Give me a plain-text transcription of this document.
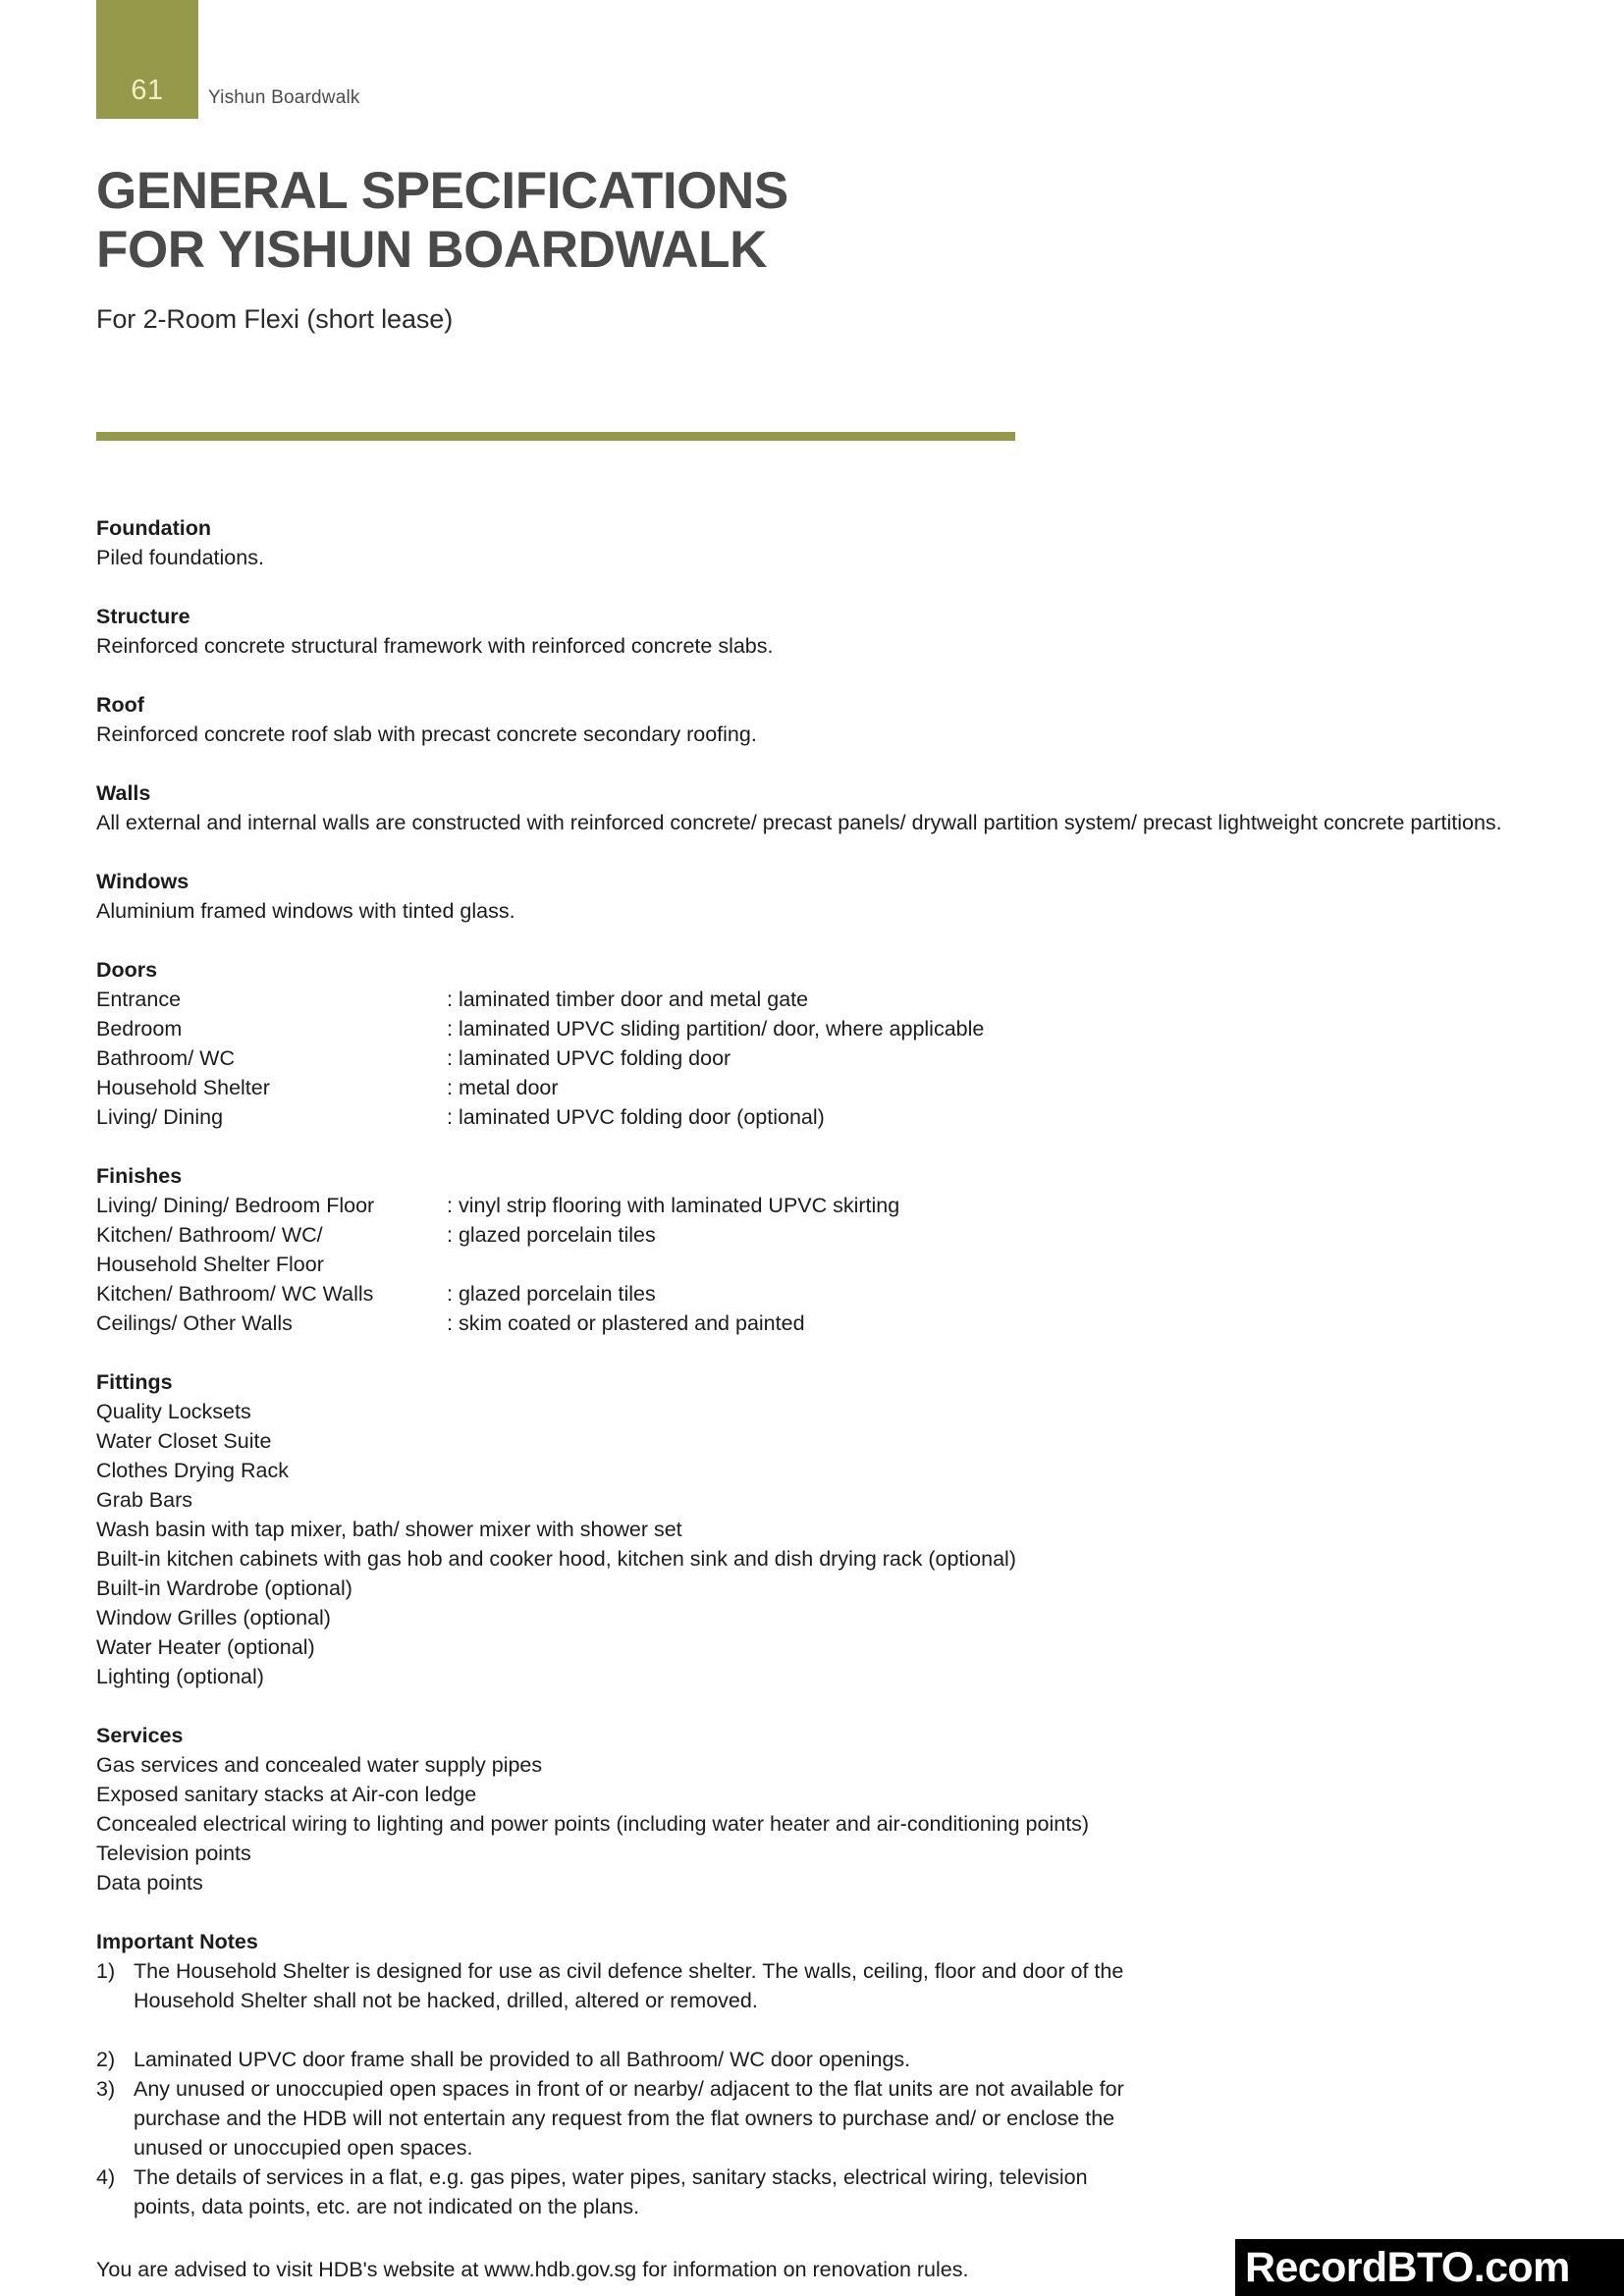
61	Yishun Boardwalk
GENERAL SPECIFICATIONS
FOR YISHUN BOARDWALK
For 2-Room Flexi (short lease)
Foundation
Piled foundations.
Structure
Reinforced concrete structural framework with reinforced concrete slabs.
Roof
Reinforced concrete roof slab with precast concrete secondary roofing.
Walls
All external and internal walls are constructed with reinforced concrete/ precast panels/ drywall partition system/ precast lightweight concrete partitions.
Windows
Aluminium framed windows with tinted glass.
Doors
Entrance	: laminated timber door and metal gate
Bedroom	: laminated UPVC sliding partition/ door, where applicable
Bathroom/ WC	: laminated UPVC folding door
Household Shelter	: metal door
Living/ Dining	: laminated UPVC folding door (optional)
Finishes
Living/ Dining/ Bedroom Floor	: vinyl strip flooring with laminated UPVC skirting
Kitchen/ Bathroom/ WC/	: glazed porcelain tiles
Household Shelter Floor
Kitchen/ Bathroom/ WC Walls	: glazed porcelain tiles
Ceilings/ Other Walls	: skim coated or plastered and painted
Fittings
Quality Locksets
Water Closet Suite
Clothes Drying Rack
Grab Bars
Wash basin with tap mixer, bath/ shower mixer with shower set
Built-in kitchen cabinets with gas hob and cooker hood, kitchen sink and dish drying rack (optional)
Built-in Wardrobe (optional)
Window Grilles (optional)
Water Heater (optional)
Lighting (optional)
Services
Gas services and concealed water supply pipes
Exposed sanitary stacks at Air-con ledge
Concealed electrical wiring to lighting and power points (including water heater and air-conditioning points)
Television points
Data points
Important Notes
1) The Household Shelter is designed for use as civil defence shelter. The walls, ceiling, floor and door of the Household Shelter shall not be hacked, drilled, altered or removed.
2) Laminated UPVC door frame shall be provided to all Bathroom/ WC door openings.
3) Any unused or unoccupied open spaces in front of or nearby/ adjacent to the flat units are not available for purchase and the HDB will not entertain any request from the flat owners to purchase and/ or enclose the unused or unoccupied open spaces.
4) The details of services in a flat, e.g. gas pipes, water pipes, sanitary stacks, electrical wiring, television points, data points, etc. are not indicated on the plans.
You are advised to visit HDB's website at www.hdb.gov.sg for information on renovation rules.	RecordBTO.com
